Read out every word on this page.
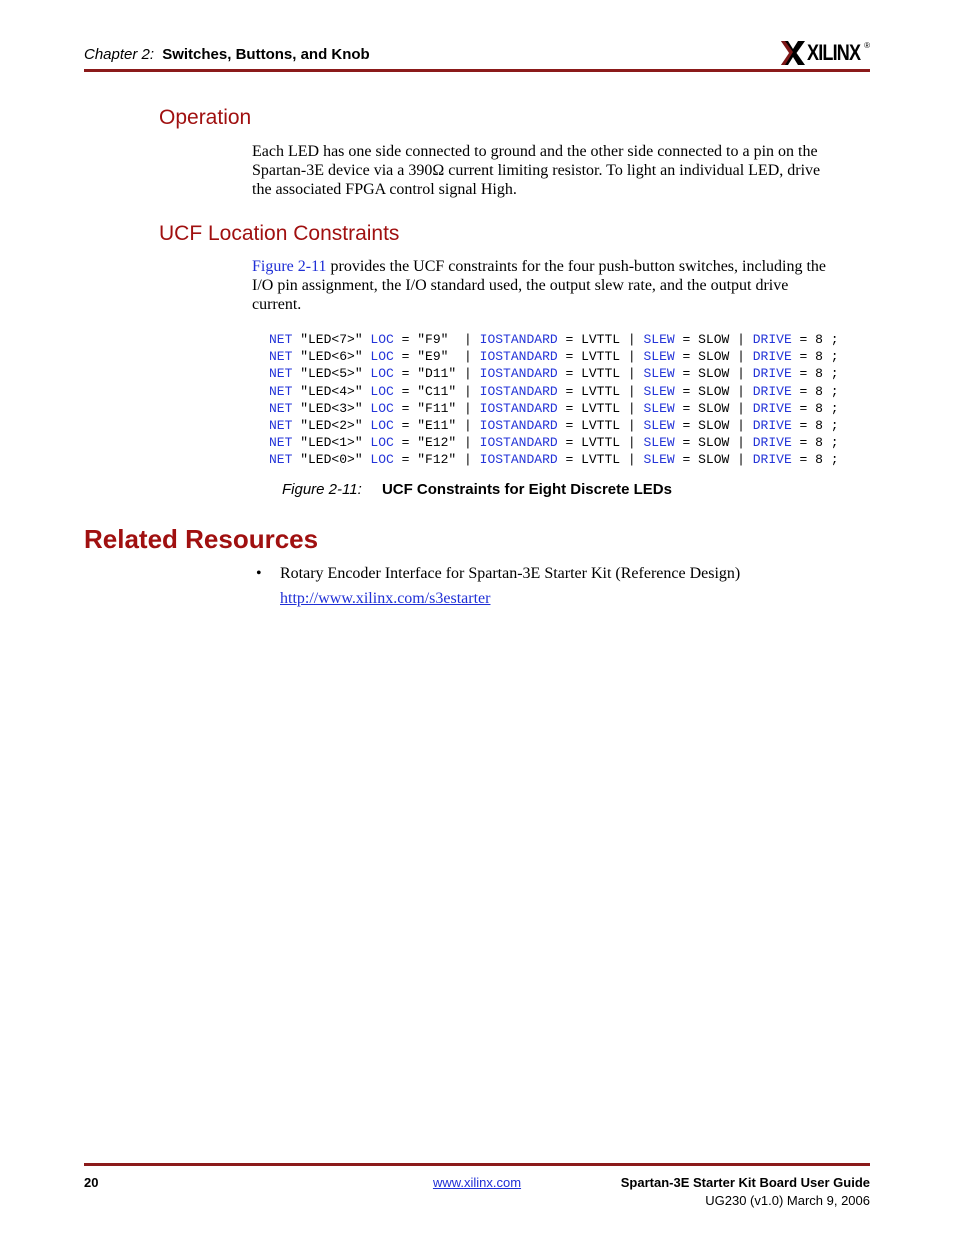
Chapter 2: Switches, Buttons, and Knob	XILINX ®
Operation
Each LED has one side connected to ground and the other side connected to a pin on the
Spartan-3E device via a 390Ω current limiting resistor. To light an individual LED, drive
the associated FPGA control signal High.
UCF Location Constraints
Figure 2-11 provides the UCF constraints for the four push-button switches, including the
I/O pin assignment, the I/O standard used, the output slew rate, and the output drive
current.
NET "LED<7>" LOC = "F9"  | IOSTANDARD = LVTTL | SLEW = SLOW | DRIVE = 8 ;
NET "LED<6>" LOC = "E9"  | IOSTANDARD = LVTTL | SLEW = SLOW | DRIVE = 8 ;
NET "LED<5>" LOC = "D11" | IOSTANDARD = LVTTL | SLEW = SLOW | DRIVE = 8 ;
NET "LED<4>" LOC = "C11" | IOSTANDARD = LVTTL | SLEW = SLOW | DRIVE = 8 ;
NET "LED<3>" LOC = "F11" | IOSTANDARD = LVTTL | SLEW = SLOW | DRIVE = 8 ;
NET "LED<2>" LOC = "E11" | IOSTANDARD = LVTTL | SLEW = SLOW | DRIVE = 8 ;
NET "LED<1>" LOC = "E12" | IOSTANDARD = LVTTL | SLEW = SLOW | DRIVE = 8 ;
NET "LED<0>" LOC = "F12" | IOSTANDARD = LVTTL | SLEW = SLOW | DRIVE = 8 ;
Figure 2-11: UCF Constraints for Eight Discrete LEDs
Related Resources
• Rotary Encoder Interface for Spartan-3E Starter Kit (Reference Design)
http://www.xilinx.com/s3estarter
20	www.xilinx.com	Spartan-3E Starter Kit Board User Guide
UG230 (v1.0) March 9, 2006
